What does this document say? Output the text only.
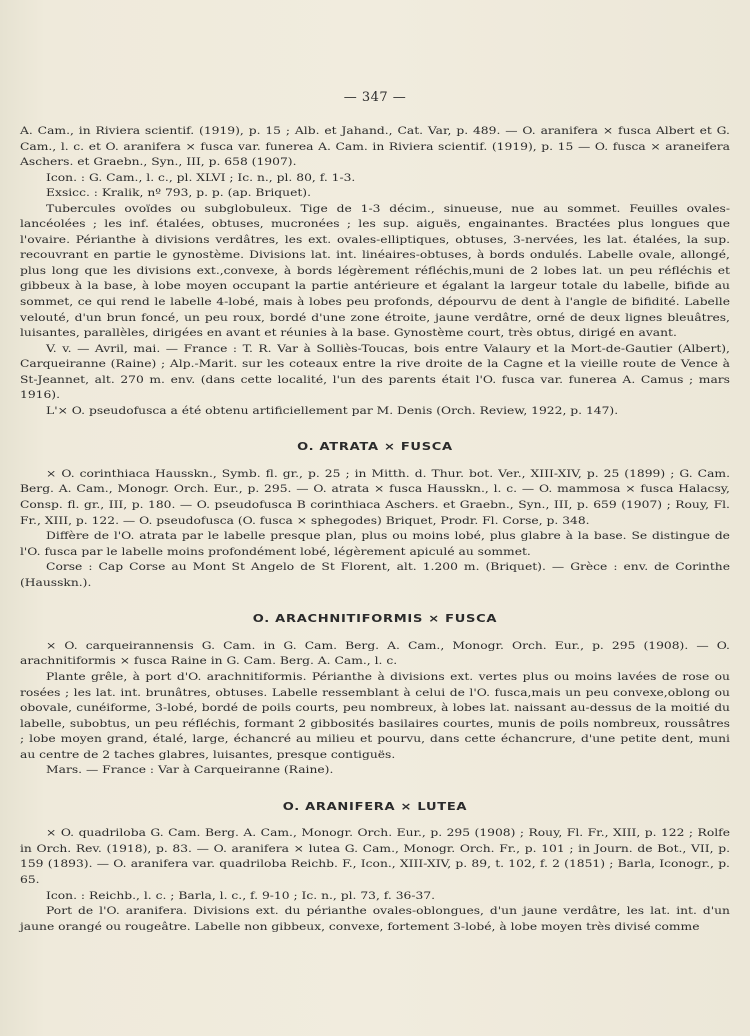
— 347 —

A. Cam., in Riviera scientif. (1919), p. 15 ; Alb. et Jahand., Cat. Var, p. 489. — O. aranifera × fusca Albert et G. Cam., l. c. et O. aranifera × fusca var. funerea A. Cam. in Riviera scientif. (1919), p. 15 — O. fusca × araneifera Aschers. et Graebn., Syn., III, p. 658 (1907).

Icon. : G. Cam., l. c., pl. XLVI ; Ic. n., pl. 80, f. 1-3.

Exsicc. : Kralik, nº 793, p. p. (ap. Briquet).

Tubercules ovoïdes ou subglobuleux. Tige de 1-3 décim., sinueuse, nue au sommet. Feuilles ovales-lancéolées ; les inf. étalées, obtuses, mucronées ; les sup. aiguës, engainantes. Bractées plus longues que l'ovaire. Périanthe à divisions verdâtres, les ext. ovales-elliptiques, obtuses, 3-nervées, les lat. étalées, la sup. recouvrant en partie le gynostème. Divisions lat. int. linéaires-obtuses, à bords ondulés. Labelle ovale, allongé, plus long que les divisions ext.,convexe, à bords légèrement réfléchis,muni de 2 lobes lat. un peu réfléchis et gibbeux à la base, à lobe moyen occupant la partie antérieure et égalant la largeur totale du labelle, bifide au sommet, ce qui rend le labelle 4-lobé, mais à lobes peu profonds, dépourvu de dent à l'angle de bifidité. Labelle velouté, d'un brun foncé, un peu roux, bordé d'une zone étroite, jaune verdâtre, orné de deux lignes bleuâtres, luisantes, parallèles, dirigées en avant et réunies à la base. Gynostème court, très obtus, dirigé en avant.

V. v. — Avril, mai. — France : T. R. Var à Solliès-Toucas, bois entre Valaury et la Mort-de-Gautier (Albert), Carqueiranne (Raine) ; Alp.-Marit. sur les coteaux entre la rive droite de la Cagne et la vieille route de Vence à St-Jeannet, alt. 270 m. env. (dans cette localité, l'un des parents était l'O. fusca var. funerea A. Camus ; mars 1916).

L'× O. pseudofusca a été obtenu artificiellement par M. Denis (Orch. Review, 1922, p. 147).

O. ATRATA × FUSCA

× O. corinthiaca Hausskn., Symb. fl. gr., p. 25 ; in Mitth. d. Thur. bot. Ver., XIII-XIV, p. 25 (1899) ; G. Cam. Berg. A. Cam., Monogr. Orch. Eur., p. 295. — O. atrata × fusca Hausskn., l. c. — O. mammosa × fusca Halacsy, Consp. fl. gr., III, p. 180. — O. pseudofusca B corinthiaca Aschers. et Graebn., Syn., III, p. 659 (1907) ; Rouy, Fl. Fr., XIII, p. 122. — O. pseudofusca (O. fusca × sphegodes) Briquet, Prodr. Fl. Corse, p. 348.

Diffère de l'O. atrata par le labelle presque plan, plus ou moins lobé, plus glabre à la base. Se distingue de l'O. fusca par le labelle moins profondément lobé, légèrement apiculé au sommet.

Corse : Cap Corse au Mont St Angelo de St Florent, alt. 1.200 m. (Briquet). — Grèce : env. de Corinthe (Hausskn.).

O. ARACHNITIFORMIS × FUSCA

× O. carqueirannensis G. Cam. in G. Cam. Berg. A. Cam., Monogr. Orch. Eur., p. 295 (1908). — O. arachnitiformis × fusca Raine in G. Cam. Berg. A. Cam., l. c.

Plante grêle, à port d'O. arachnitiformis. Périanthe à divisions ext. vertes plus ou moins lavées de rose ou rosées ; les lat. int. brunâtres, obtuses. Labelle ressemblant à celui de l'O. fusca,mais un peu convexe,oblong ou obovale, cunéiforme, 3-lobé, bordé de poils courts, peu nombreux, à lobes lat. naissant au-dessus de la moitié du labelle, subobtus, un peu réfléchis, formant 2 gibbosités basilaires courtes, munis de poils nombreux, roussâtres ; lobe moyen grand, étalé, large, échancré au milieu et pourvu, dans cette échancrure, d'une petite dent, muni au centre de 2 taches glabres, luisantes, presque contiguës.

Mars. — France : Var à Carqueiranne (Raine).

O. ARANIFERA × LUTEA

× O. quadriloba G. Cam. Berg. A. Cam., Monogr. Orch. Eur., p. 295 (1908) ; Rouy, Fl. Fr., XIII, p. 122 ; Rolfe in Orch. Rev. (1918), p. 83. — O. aranifera × lutea G. Cam., Monogr. Orch. Fr., p. 101 ; in Journ. de Bot., VII, p. 159 (1893). — O. aranifera var. quadriloba Reichb. F., Icon., XIII-XIV, p. 89, t. 102, f. 2 (1851) ; Barla, Iconogr., p. 65.

Icon. : Reichb., l. c. ; Barla, l. c., f. 9-10 ; Ic. n., pl. 73, f. 36-37.

Port de l'O. aranifera. Divisions ext. du périanthe ovales-oblongues, d'un jaune verdâtre, les lat. int. d'un jaune orangé ou rougeâtre. Labelle non gibbeux, convexe, fortement 3-lobé, à lobe moyen très divisé comme
